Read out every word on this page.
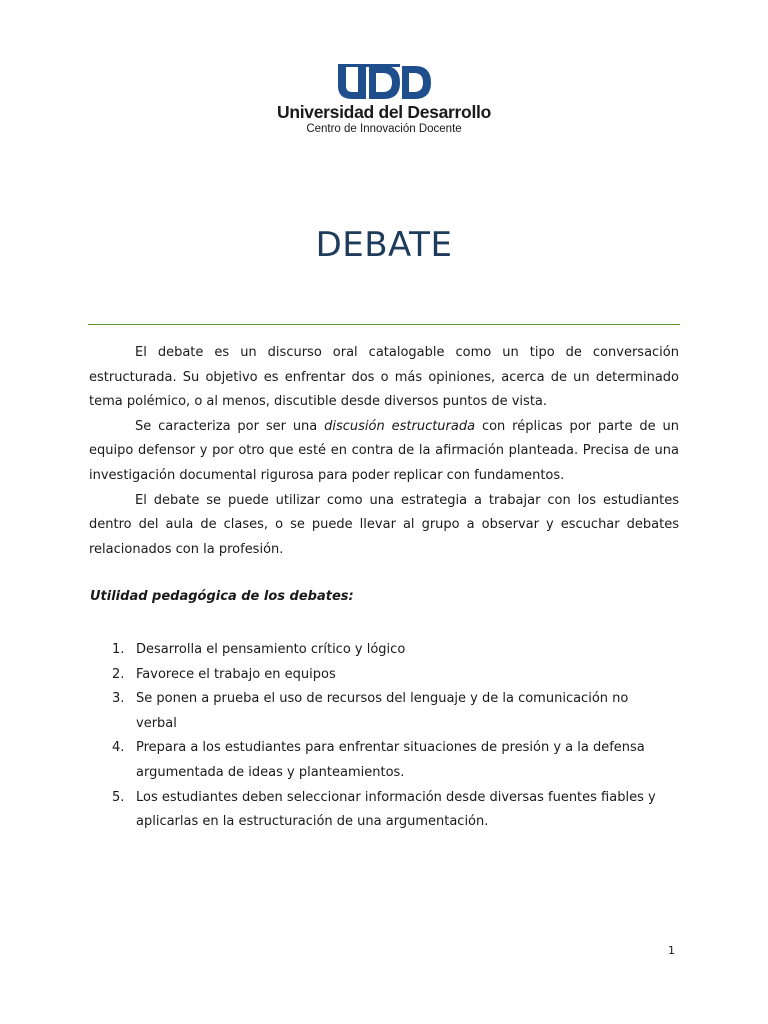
Universidad del Desarrollo
Centro de Innovación Docente
DEBATE

El debate es un discurso oral catalogable como un tipo de conversación estructurada. Su objetivo es enfrentar dos o más opiniones, acerca de un determinado tema polémico, o al menos, discutible desde diversos puntos de vista.

Se caracteriza por ser una discusión estructurada con réplicas por parte de un equipo defensor y por otro que esté en contra de la afirmación planteada. Precisa de una investigación documental rigurosa para poder replicar con fundamentos.

El debate se puede utilizar como una estrategia a trabajar con los estudiantes dentro del aula de clases, o se puede llevar al grupo a observar y escuchar debates relacionados con la profesión.

Utilidad pedagógica de los debates:
1. Desarrolla el pensamiento crítico y lógico
2. Favorece el trabajo en equipos
3. Se ponen a prueba el uso de recursos del lenguaje y de la comunicación no verbal
4. Prepara a los estudiantes para enfrentar situaciones de presión y a la defensa argumentada de ideas y planteamientos.
5. Los estudiantes deben seleccionar información desde diversas fuentes fiables y aplicarlas en la estructuración de una argumentación.
1
